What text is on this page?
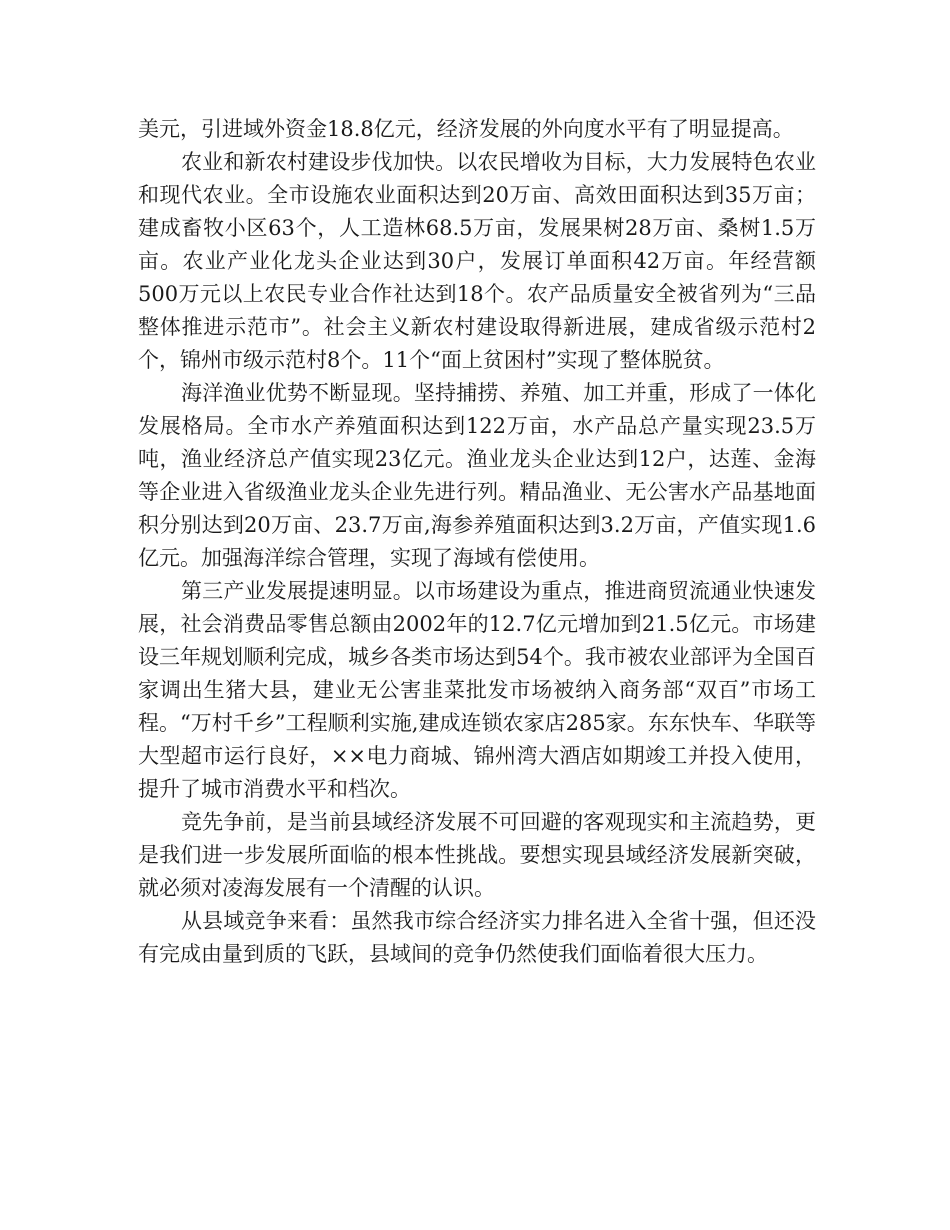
美元，引进域外资金18.8亿元，经济发展的外向度水平有了明显提高。

农业和新农村建设步伐加快。以农民增收为目标，大力发展特色农业和现代农业。全市设施农业面积达到20万亩、高效田面积达到35万亩；建成畜牧小区63个，人工造林68.5万亩，发展果树28万亩、桑树1.5万亩。农业产业化龙头企业达到30户，发展订单面积42万亩。年经营额500万元以上农民专业合作社达到18个。农产品质量安全被省列为“三品整体推进示范市”。社会主义新农村建设取得新进展，建成省级示范村2个，锦州市级示范村8个。11个“面上贫困村”实现了整体脱贫。

海洋渔业优势不断显现。坚持捕捞、养殖、加工并重，形成了一体化发展格局。全市水产养殖面积达到122万亩，水产品总产量实现23.5万吨，渔业经济总产值实现23亿元。渔业龙头企业达到12户，达莲、金海等企业进入省级渔业龙头企业先进行列。精品渔业、无公害水产品基地面积分别达到20万亩、23.7万亩,海参养殖面积达到3.2万亩，产值实现1.6亿元。加强海洋综合管理，实现了海域有偿使用。

第三产业发展提速明显。以市场建设为重点，推进商贸流通业快速发展，社会消费品零售总额由2002年的12.7亿元增加到21.5亿元。市场建设三年规划顺利完成，城乡各类市场达到54个。我市被农业部评为全国百家调出生猪大县，建业无公害韭菜批发市场被纳入商务部“双百”市场工程。“万村千乡”工程顺利实施,建成连锁农家店285家。东东快车、华联等大型超市运行良好，××电力商城、锦州湾大酒店如期竣工并投入使用，提升了城市消费水平和档次。

竞先争前，是当前县域经济发展不可回避的客观现实和主流趋势，更是我们进一步发展所面临的根本性挑战。要想实现县域经济发展新突破，就必须对凌海发展有一个清醒的认识。

从县域竞争来看：虽然我市综合经济实力排名进入全省十强，但还没有完成由量到质的飞跃，县域间的竞争仍然使我们面临着很大压力。
